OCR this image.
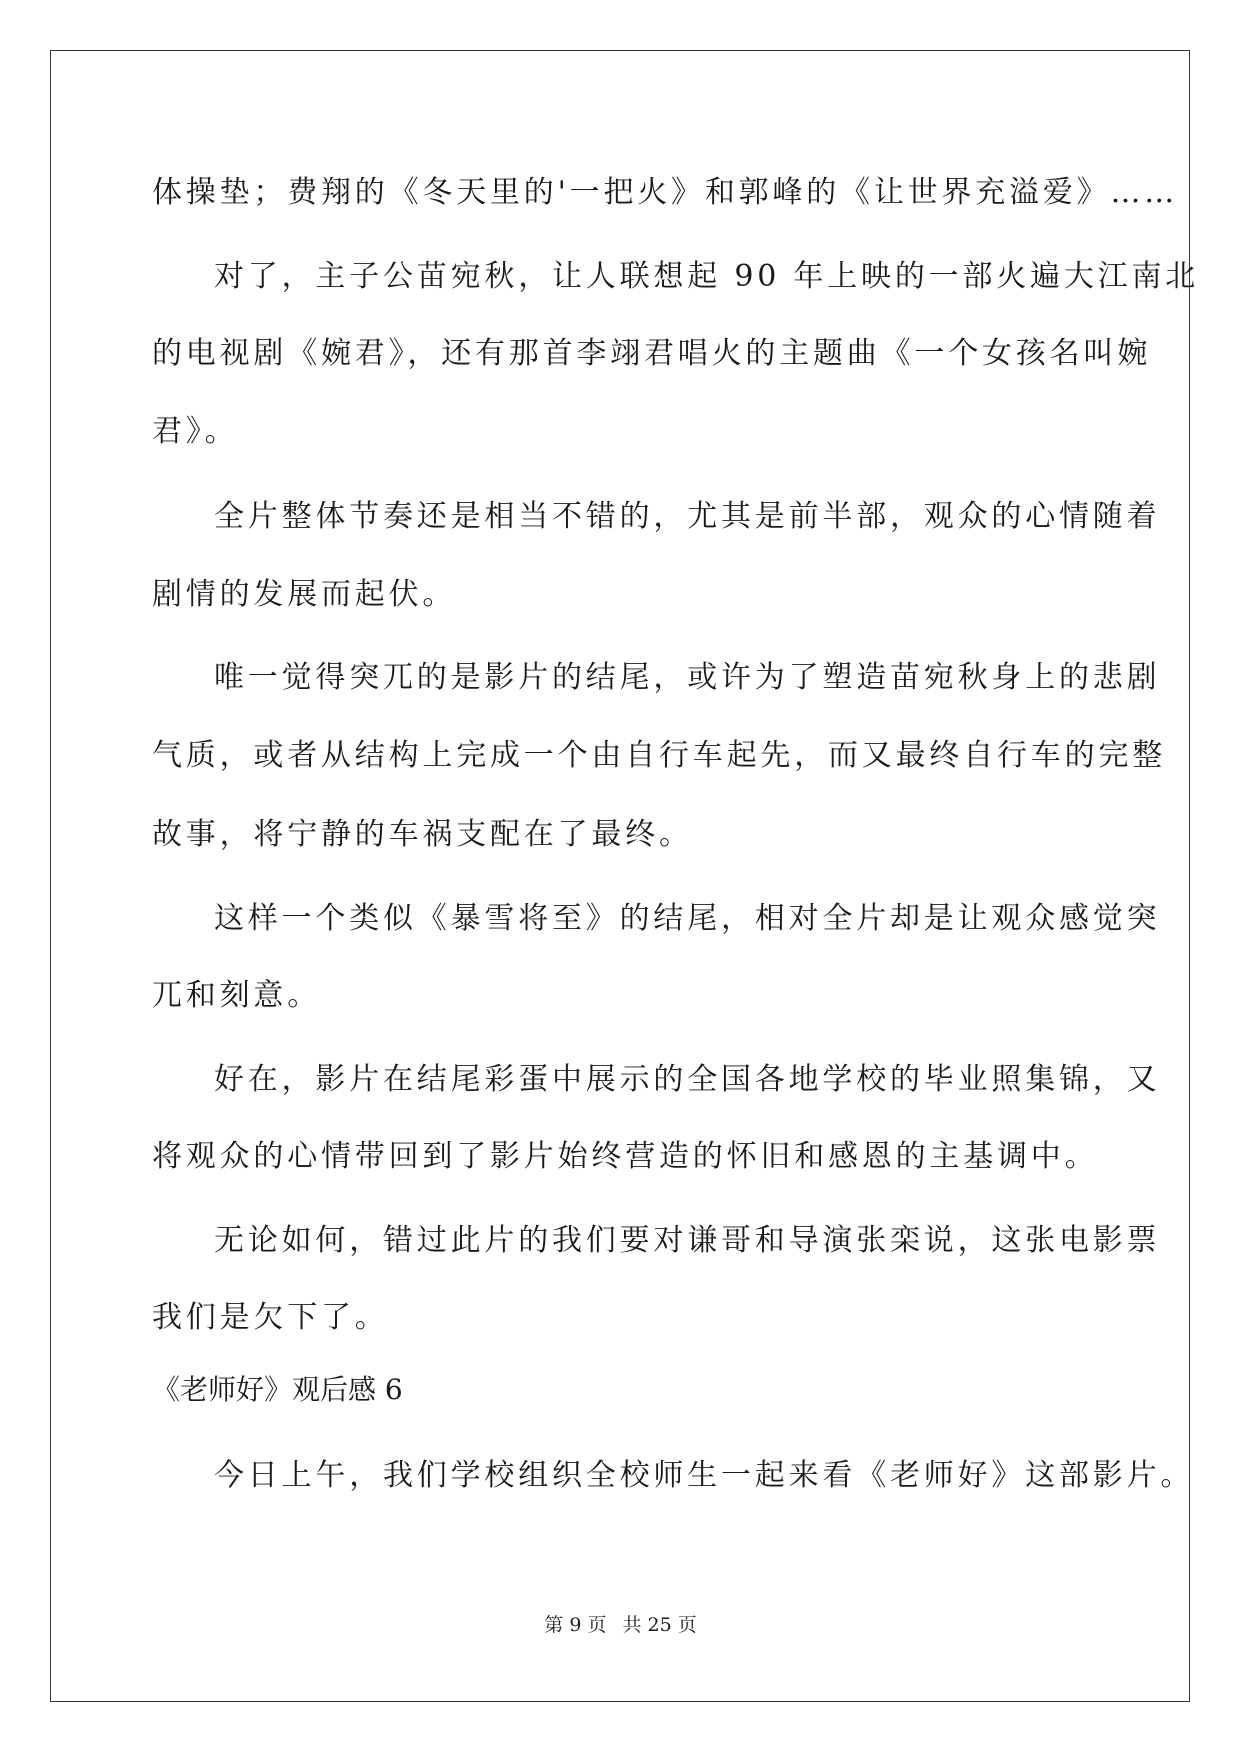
体操垫；费翔的《冬天里的'一把火》和郭峰的《让世界充溢爱》……
对了，主子公苗宛秋，让人联想起 90 年上映的一部火遍大江南北
的电视剧《婉君》，还有那首李翊君唱火的主题曲《一个女孩名叫婉
君》。
全片整体节奏还是相当不错的，尤其是前半部，观众的心情随着
剧情的发展而起伏。
唯一觉得突兀的是影片的结尾，或许为了塑造苗宛秋身上的悲剧
气质，或者从结构上完成一个由自行车起先，而又最终自行车的完整
故事，将宁静的车祸支配在了最终。
这样一个类似《暴雪将至》的结尾，相对全片却是让观众感觉突
兀和刻意。
好在，影片在结尾彩蛋中展示的全国各地学校的毕业照集锦，又
将观众的心情带回到了影片始终营造的怀旧和感恩的主基调中。
无论如何，错过此片的我们要对谦哥和导演张栾说，这张电影票
我们是欠下了。
《老师好》观后感 6
今日上午，我们学校组织全校师生一起来看《老师好》这部影片。
第 9 页 共 25 页
